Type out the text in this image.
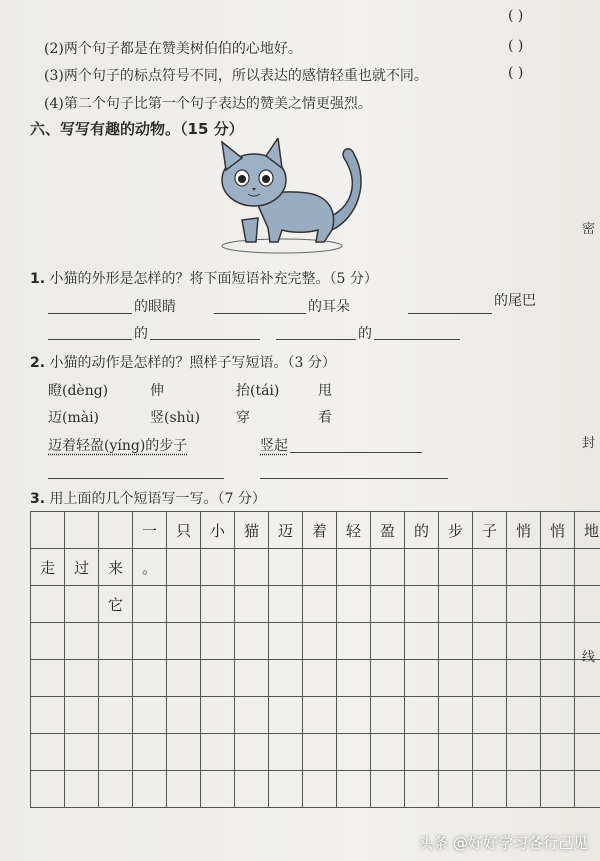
( )
(2)两个句子都是在赞美树伯伯的心地好。
(3)两个句子的标点符号不同，所以表达的感情轻重也就不同。
(4)第二个句子比第一个句子表达的赞美之情更强烈。
( )
( )
六、写写有趣的动物。（15 分）
1. 小猫的外形是怎样的？将下面短语补充完整。（5 分）
的眼睛	的耳朵	的尾巴
的	的
2. 小猫的动作是怎样的？照样子写短语。（3 分）
瞪(dèng)	伸	抬(tái)	甩
迈(mài)	竖(shù)	穿	看
迈着轻盈(yíng)的步子	竖起
3. 用上面的几个短语写一写。（7 分）
			一	只	小	猫	迈	着	轻	盈	的	步	子	悄	悄	地
走	过	来	。													
		它														

密
封
线
头条 @好好学习各行己见
